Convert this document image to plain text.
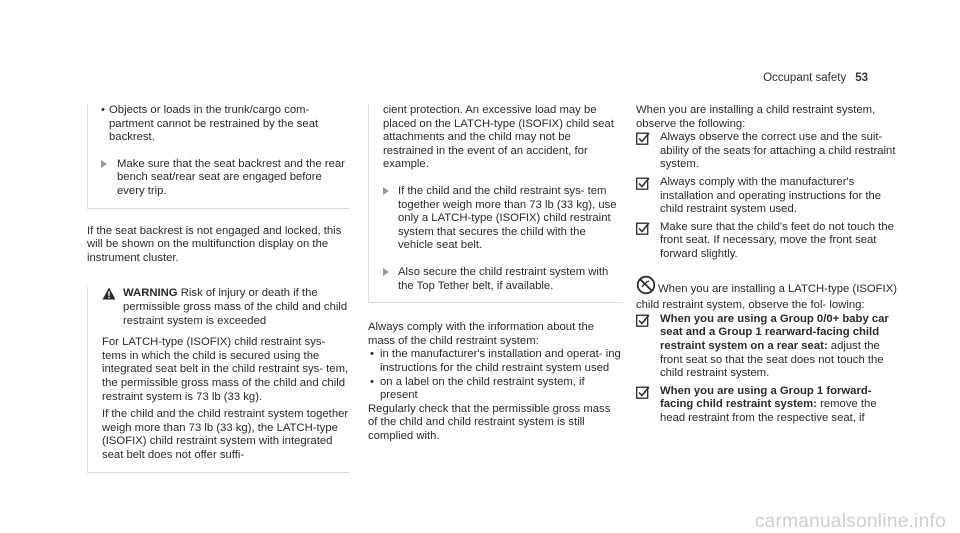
Occupant safety 53

• Objects or loads in the trunk/cargo com- partment cannot be restrained by the seat backrest.

Make sure that the seat backrest and the rear bench seat/rear seat are engaged before every trip.

If the seat backrest is not engaged and locked, this will be shown on the multifunction display on the instrument cluster.

WARNING Risk of injury or death if the permissible gross mass of the child and child restraint system is exceeded

For LATCH-type (ISOFIX) child restraint sys- tems in which the child is secured using the integrated seat belt in the child restraint sys- tem, the permissible gross mass of the child and child restraint system is 73 lb (33 kg).

If the child and the child restraint system together weigh more than 73 lb (33 kg), the LATCH-type (ISOFIX) child restraint system with integrated seat belt does not offer suffi-

cient protection. An excessive load may be placed on the LATCH-type (ISOFIX) child seat attachments and the child may not be restrained in the event of an accident, for example.

If the child and the child restraint sys- tem together weigh more than 73 lb (33 kg), use only a LATCH-type (ISOFIX) child restraint system that secures the child with the vehicle seat belt.

Also secure the child restraint system with the Top Tether belt, if available.

Always comply with the information about the mass of the child restraint system:

• in the manufacturer's installation and operat- ing instructions for the child restraint system used

• on a label on the child restraint system, if present

Regularly check that the permissible gross mass of the child and child restraint system is still complied with.

When you are installing a child restraint system, observe the following:

Always observe the correct use and the suit- ability of the seats for attaching a child restraint system.

Always comply with the manufacturer's installation and operating instructions for the child restraint system used.

Make sure that the child's feet do not touch the front seat. If necessary, move the front seat forward slightly.

When you are installing a LATCH-type (ISOFIX) child restraint system, observe the fol- lowing:

When you are using a Group 0/0+ baby car seat and a Group 1 rearward-facing child restraint system on a rear seat: adjust the front seat so that the seat does not touch the child restraint system.

When you are using a Group 1 forward- facing child restraint system: remove the head restraint from the respective seat, if

carmanualsonline.info
